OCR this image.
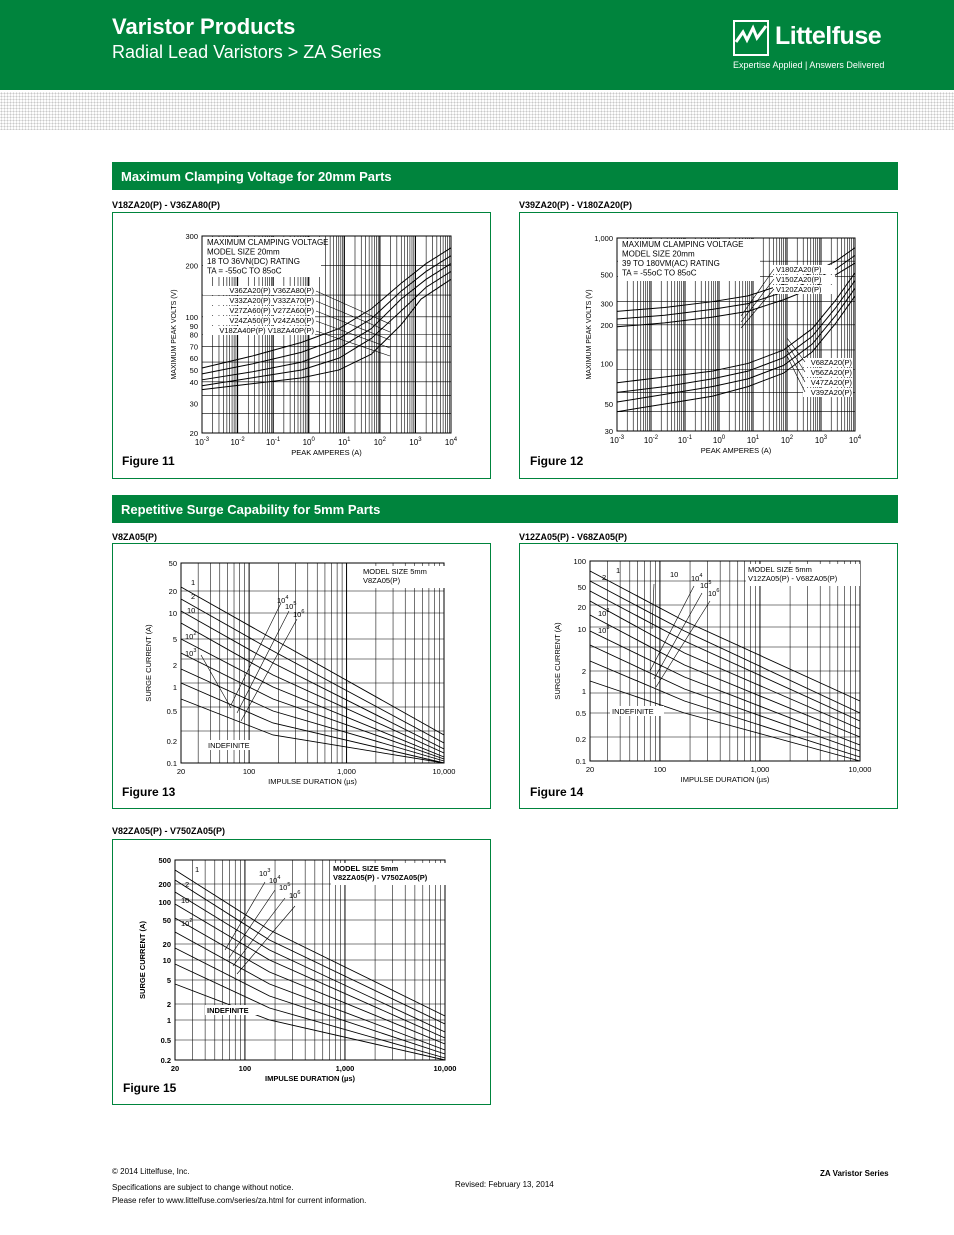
Varistor Products
Radial Lead Varistors > ZA Series
Littelfuse
Expertise Applied | Answers Delivered
Maximum Clamping Voltage for 20mm Parts
Repetitive Surge Capability for 5mm Parts
V18ZA20(P) - V36ZA80(P)	V39ZA20(P) - V180ZA20(P)
V8ZA05(P)	V12ZA05(P) - V68ZA05(P)
V82ZA05(P) - V750ZA05(P)
MAXIMUM CLAMPING VOLTAGE
MODEL SIZE 20mm
18 TO 36VN(DC) RATING
TA = -55oC TO 85oC
300
200
100
90
80
70
60
50
40
30
20
$10^{-3}$	$10^{-2}$	$10^{-1}$	$10^0$	$10^1$	$10^2$	$10^3$	$10^4$
PEAK AMPERES (A)
MAXIMUM PEAK VOLTS (V)	V36ZA20(P) V36ZA80(P)
V33ZA20(P) V33ZA70(P)
V27ZA60(P) V27ZA60(P)
V24ZA50(P) V24ZA50(P)
V18ZA40P(P) V18ZA40P(P)
Figure 11
MAXIMUM CLAMPING VOLTAGE
MODEL SIZE 20mm
39 TO 180VM(AC) RATING
TA = -55oC TO 85oC
1,000
500
300
200
100
50
30
$10^{-3}$ $10^{-2}$ $10^{-1}$	$10^0$	$10^1$	$10^2$	$10^3$	$10^4$
PEAK AMPERES (A)
MAXIMUM PEAK VOLTS (V)
V180ZA20(P)
V150ZA20(P)
V120ZA20(P)
V68ZA20(P)
V56ZA20(P)
V47ZA20(P)
V39ZA20(P)
Figure 12
MODEL SIZE 5mm
V8ZA05(P)
1
2
10
$10^2$
$10^3$
$10^4$
$10^5$
$10^6$
INDEFINITE
50
20
10
5
2
1
0.5
0.2
0.1
20	100	1,000	10,000
IMPULSE DURATION (µs)
SURGE CURRENT (A)
Figure 13
MODEL SIZE 5mm
V12ZA05(P) - V68ZA05(P)
1
2	10
$10^2$
$10^3$
$10^4$
$10^5$
$10^6$
INDEFINITE
100
50
20
10
2
1
0.5
0.2
0.1
20	100	1,000	10,000
IMPULSE DURATION (µs)
SURGE CURRENT (A)
Figure 14
MODEL SIZE 5mm
V82ZA05(P) - V750ZA05(P)
1
2
10
$10^2$
$10^3$
$10^4$
$10^5$
$10^6$
INDEFINITE
500
200
100
50
20
10
5
2
1
0.5
0.2
20	100	1,000	10,000
IMPULSE DURATION (µs)
SURGE CURRENT (A)
Figure 15
© 2014 Littelfuse, Inc.
Specifications are subject to change without notice.
Please refer to www.littelfuse.com/series/za.html for current information.
Revised: February 13, 2014
ZA Varistor Series
